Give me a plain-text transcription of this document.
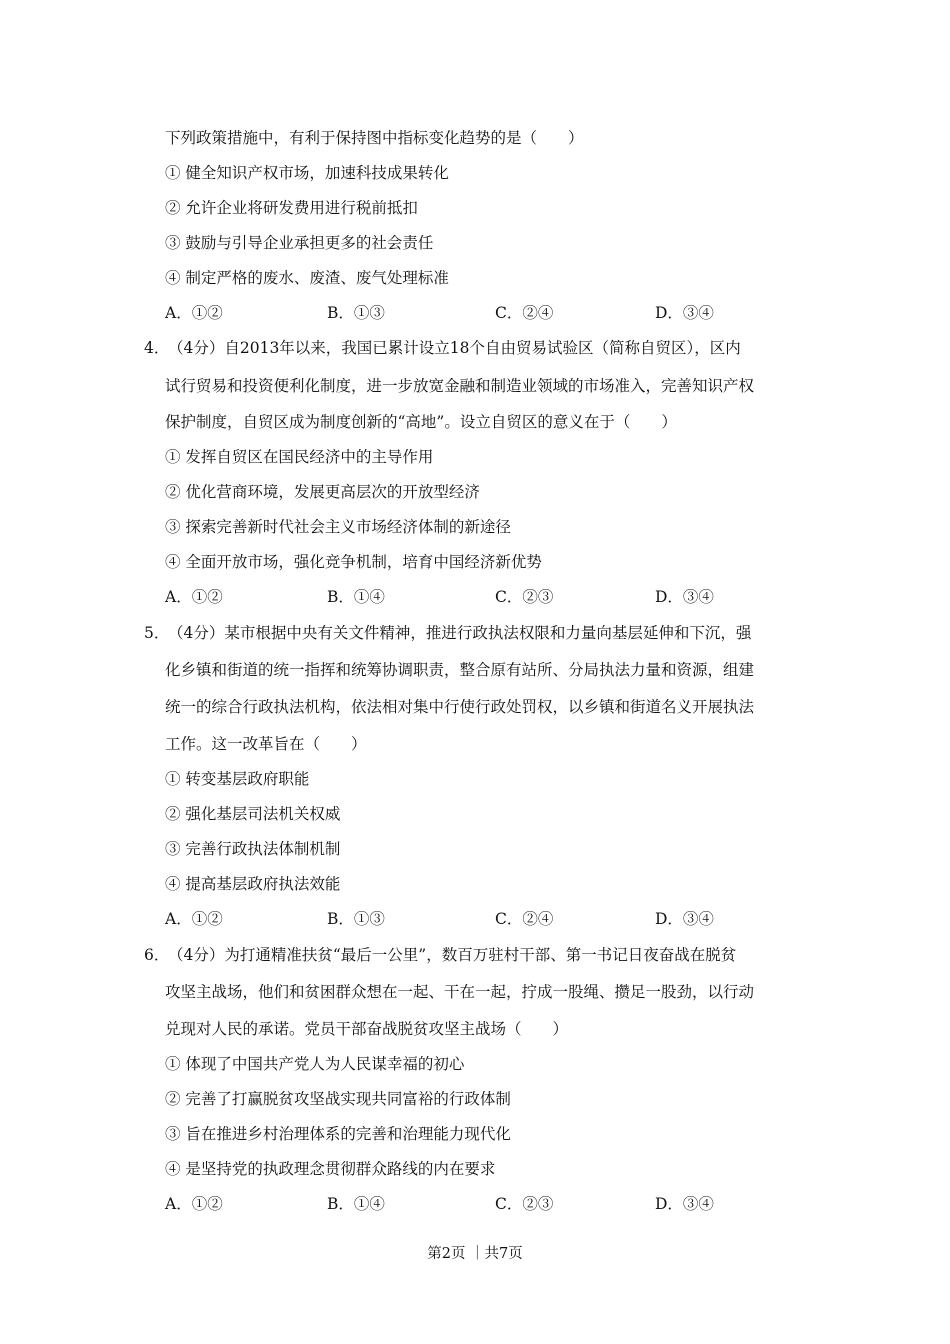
下列政策措施中，有利于保持图中指标变化趋势的是（　　）
① 健全知识产权市场，加速科技成果转化
② 允许企业将研发费用进行税前抵扣
③ 鼓励与引导企业承担更多的社会责任
④ 制定严格的废水、废渣、废气处理标准
A．①②	B．①③	C．②④	D．③④
4．（4分）自2013年以来，我国已累计设立18个自由贸易试验区（简称自贸区），区内
试行贸易和投资便利化制度，进一步放宽金融和制造业领域的市场准入，完善知识产权
保护制度，自贸区成为制度创新的“高地”。设立自贸区的意义在于（　　）
① 发挥自贸区在国民经济中的主导作用
② 优化营商环境，发展更高层次的开放型经济
③ 探索完善新时代社会主义市场经济体制的新途径
④ 全面开放市场，强化竞争机制，培育中国经济新优势
A．①②	B．①④	C．②③	D．③④
5．（4分）某市根据中央有关文件精神，推进行政执法权限和力量向基层延伸和下沉，强
化乡镇和街道的统一指挥和统筹协调职责，整合原有站所、分局执法力量和资源，组建
统一的综合行政执法机构，依法相对集中行使行政处罚权，以乡镇和街道名义开展执法
工作。这一改革旨在（　　）
① 转变基层政府职能
② 强化基层司法机关权威
③ 完善行政执法体制机制
④ 提高基层政府执法效能
A．①②	B．①③	C．②④	D．③④
6．（4分）为打通精准扶贫“最后一公里”，数百万驻村干部、第一书记日夜奋战在脱贫
攻坚主战场，他们和贫困群众想在一起、干在一起，拧成一股绳、攒足一股劲，以行动
兑现对人民的承诺。党员干部奋战脱贫攻坚主战场（　　）
① 体现了中国共产党人为人民谋幸福的初心
② 完善了打赢脱贫攻坚战实现共同富裕的行政体制
③ 旨在推进乡村治理体系的完善和治理能力现代化
④ 是坚持党的执政理念贯彻群众路线的内在要求
A．①②	B．①④	C．②③	D．③④
第2页 ｜共7页
